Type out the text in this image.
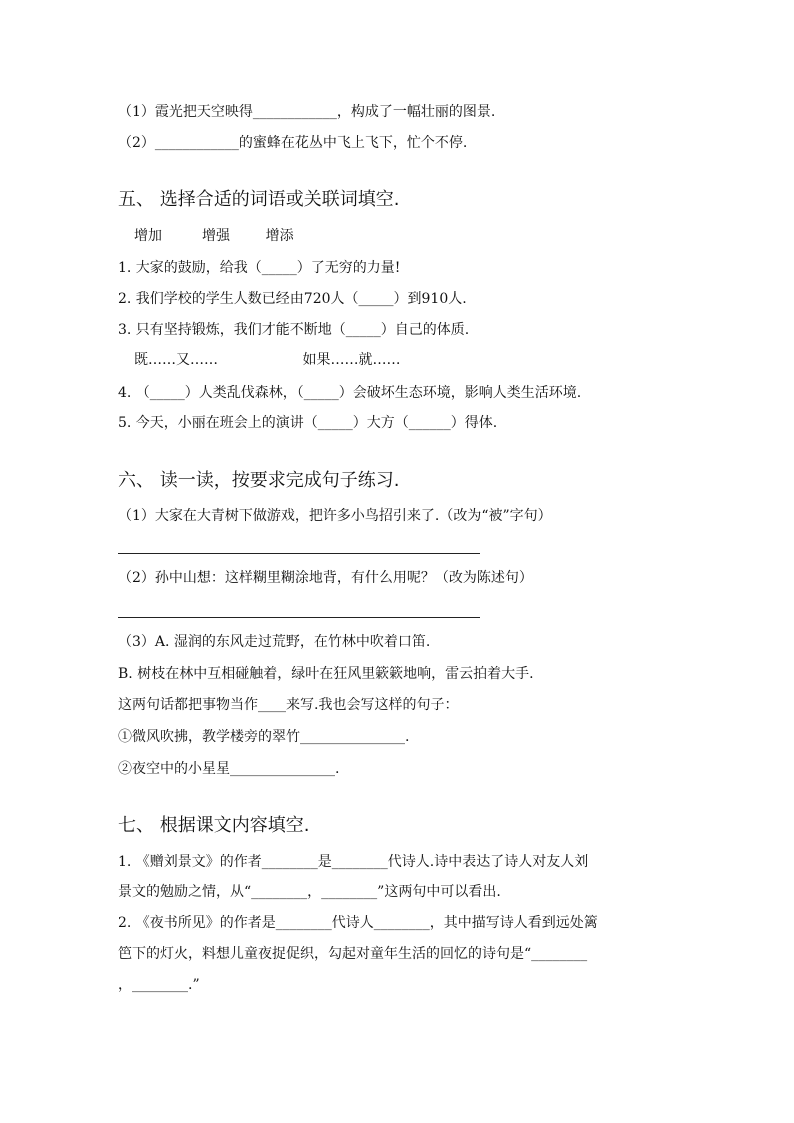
（1）霞光把天空映得____________，构成了一幅壮丽的图景.
（2）____________的蜜蜂在花丛中飞上飞下，忙个不停.
五、 选择合适的词语或关联词填空.
增加         增强        增添
1. 大家的鼓励，给我（_____）了无穷的力量!
2. 我们学校的学生人数已经由720人（_____）到910人.
3. 只有坚持锻炼，我们才能不断地（_____）自己的体质.
既……又……                   如果……就……
4. （_____）人类乱伐森林，（_____）会破坏生态环境，影响人类生活环境.
5. 今天，小丽在班会上的演讲（_____）大方（______）得体.
六、 读一读，按要求完成句子练习.
（1）大家在大青树下做游戏，把许多小鸟招引来了.（改为“被”字句）
（2）孙中山想：这样糊里糊涂地背，有什么用呢？（改为陈述句）
（3）A. 湿润的东风走过荒野，在竹林中吹着口笛.
B. 树枝在林中互相碰触着，绿叶在狂风里簌簌地响，雷云拍着大手.
这两句话都把事物当作____来写.我也会写这样的句子：
①微风吹拂，教学楼旁的翠竹_______________.
②夜空中的小星星_______________.
七、 根据课文内容填空.
1. 《赠刘景文》的作者________是________代诗人.诗中表达了诗人对友人刘
景文的勉励之情，从“________，________”这两句中可以看出.
2. 《夜书所见》的作者是________代诗人________，其中描写诗人看到远处篱
笆下的灯火，料想儿童夜捉促织，勾起对童年生活的回忆的诗句是“________
，________.”
